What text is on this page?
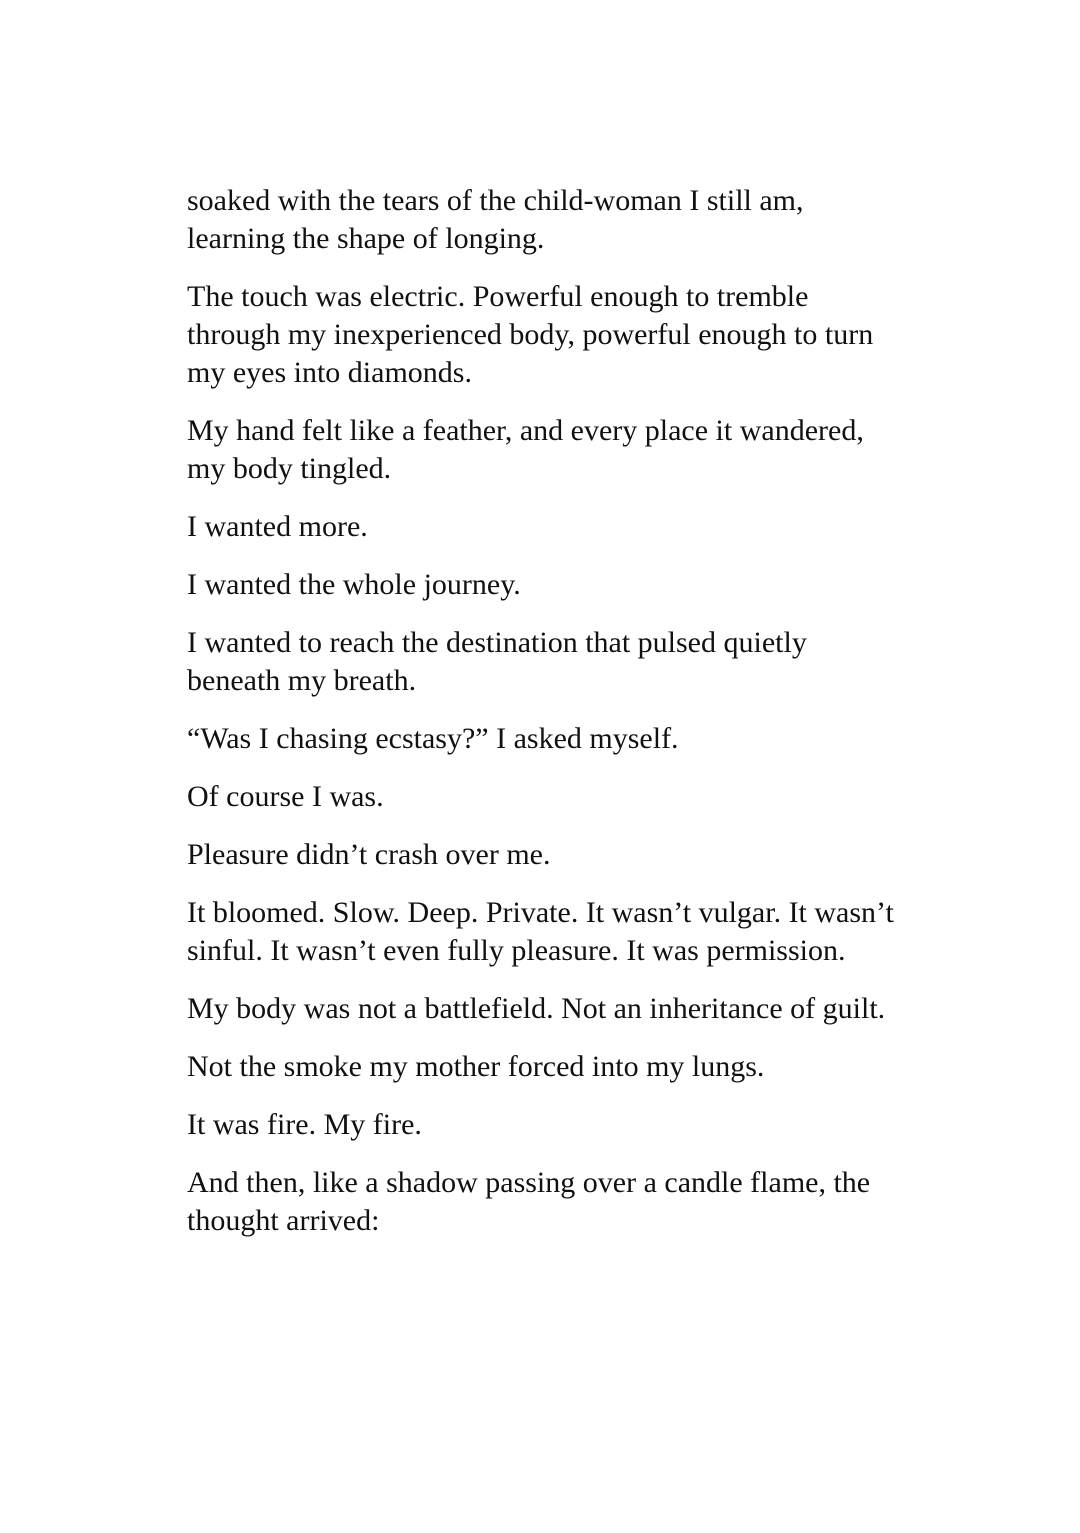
soaked with the tears of the child-woman I still am, learning the shape of longing.

The touch was electric. Powerful enough to tremble through my inexperienced body, powerful enough to turn my eyes into diamonds.

My hand felt like a feather, and every place it wandered, my body tingled.

I wanted more.

I wanted the whole journey.

I wanted to reach the destination that pulsed quietly beneath my breath.

“Was I chasing ecstasy?” I asked myself.

Of course I was.

Pleasure didn’t crash over me.

It bloomed. Slow. Deep. Private. It wasn’t vulgar. It wasn’t sinful. It wasn’t even fully pleasure. It was permission.

My body was not a battlefield. Not an inheritance of guilt.

Not the smoke my mother forced into my lungs.

It was fire. My fire.

And then, like a shadow passing over a candle flame, the thought arrived:
